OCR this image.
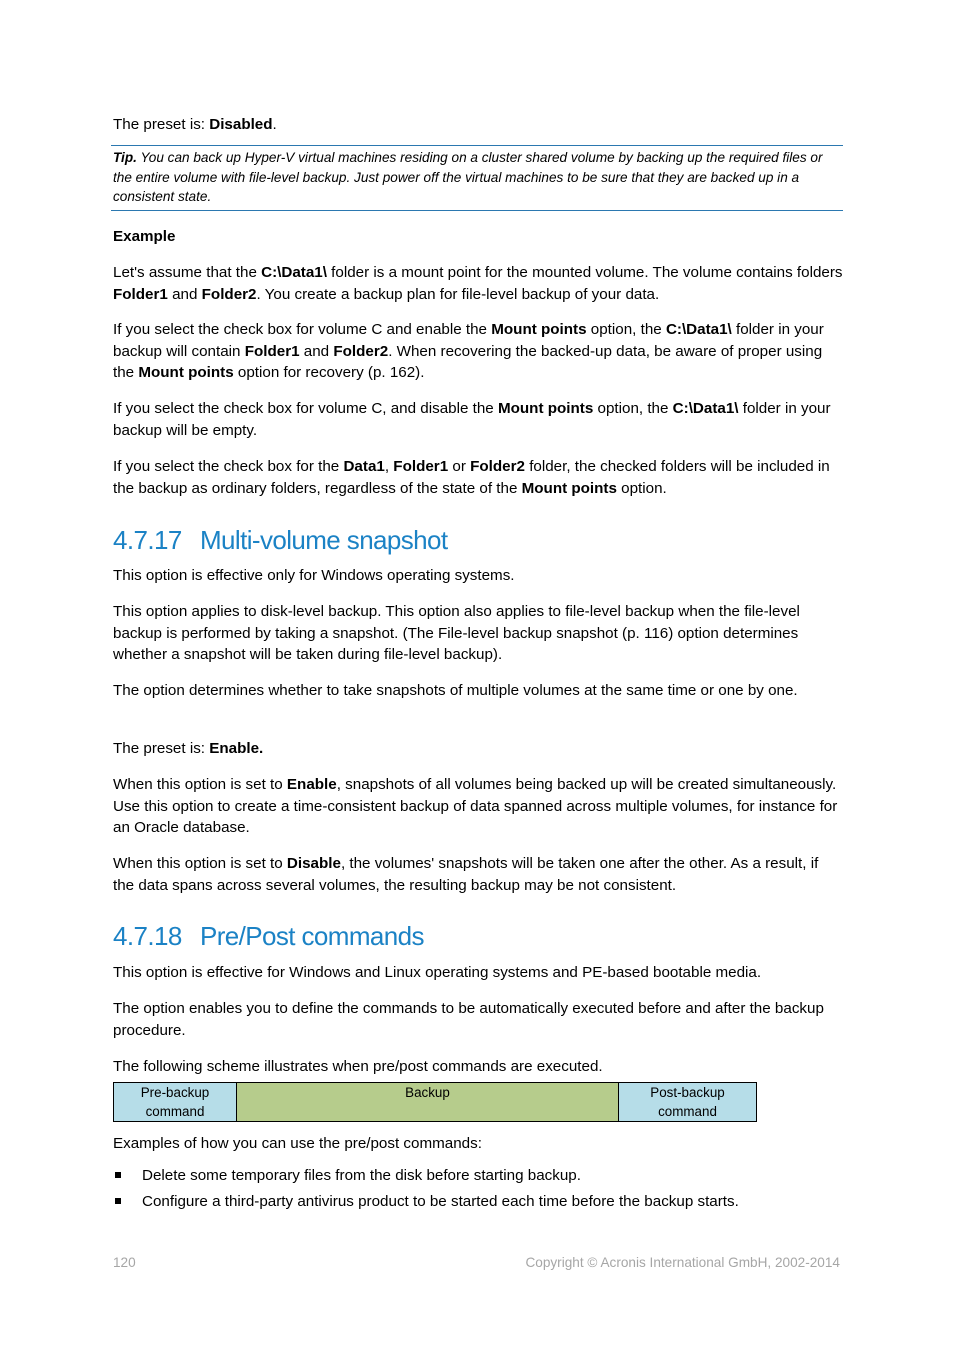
The preset is: Disabled.

Tip. You can back up Hyper-V virtual machines residing on a cluster shared volume by backing up the required files or the entire volume with file-level backup. Just power off the virtual machines to be sure that they are backed up in a consistent state.

Example

Let's assume that the C:\Data1\ folder is a mount point for the mounted volume. The volume contains folders Folder1 and Folder2. You create a backup plan for file-level backup of your data.

If you select the check box for volume C and enable the Mount points option, the C:\Data1\ folder in your backup will contain Folder1 and Folder2. When recovering the backed-up data, be aware of proper using the Mount points option for recovery (p. 162).

If you select the check box for volume C, and disable the Mount points option, the C:\Data1\ folder in your backup will be empty.

If you select the check box for the Data1, Folder1 or Folder2 folder, the checked folders will be included in the backup as ordinary folders, regardless of the state of the Mount points option.

4.7.17 Multi-volume snapshot

This option is effective only for Windows operating systems.

This option applies to disk-level backup. This option also applies to file-level backup when the file-level backup is performed by taking a snapshot. (The File-level backup snapshot (p. 116) option determines whether a snapshot will be taken during file-level backup).

The option determines whether to take snapshots of multiple volumes at the same time or one by one.

The preset is: Enable.

When this option is set to Enable, snapshots of all volumes being backed up will be created simultaneously. Use this option to create a time-consistent backup of data spanned across multiple volumes, for instance for an Oracle database.

When this option is set to Disable, the volumes' snapshots will be taken one after the other. As a result, if the data spans across several volumes, the resulting backup may be not consistent.

4.7.18 Pre/Post commands

This option is effective for Windows and Linux operating systems and PE-based bootable media.

The option enables you to define the commands to be automatically executed before and after the backup procedure.

The following scheme illustrates when pre/post commands are executed.

Pre-backup
command
Backup	Post-backup
command

Examples of how you can use the pre/post commands:

Delete some temporary files from the disk before starting backup.
Configure a third-party antivirus product to be started each time before the backup starts.
120	Copyright © Acronis International GmbH, 2002-2014
